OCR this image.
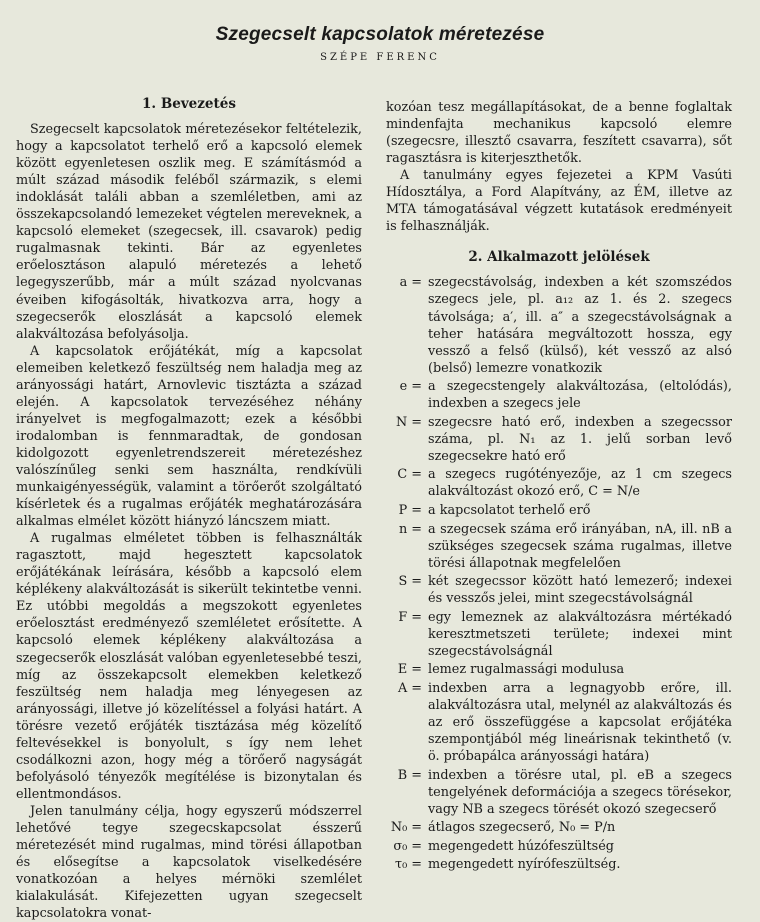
Szegecselt kapcsolatok méretezése
SZÉPE FERENC
1. Bevezetés

Szegecselt kapcsolatok méretezésekor feltételezik, hogy a kapcsolatot terhelő erő a kapcsoló elemek között egyenletesen oszlik meg. E számításmód a múlt század második feléből származik, s elemi indoklását találi abban a szemléletben, ami az összekapcsolandó lemezeket végtelen mereveknek, a kapcsoló elemeket (szegecsek, ill. csavarok) pedig rugalmasnak tekinti. Bár az egyenletes erőelosztáson alapuló méretezés a lehető legegyszerűbb, már a múlt század nyolcvanas éveiben kifogásolták, hivatkozva arra, hogy a szegecserők eloszlását a kapcsoló elemek alakváltozása befolyásolja.

A kapcsolatok erőjátékát, míg a kapcsolat elemeiben keletkező feszültség nem haladja meg az arányossági határt, Arnovlevic tisztázta a század elején. A kapcsolatok tervezéséhez néhány irányelvet is megfogalmazott; ezek a későbbi irodalomban is fennmaradtak, de gondosan kidolgozott egyenletrendszereit méretezéshez valószínűleg senki sem használta, rendkívüli munkaigényességük, valamint a törőerőt szolgáltató kísérletek és a rugalmas erőjáték meghatározására alkalmas elmélet között hiányzó láncszem miatt.

A rugalmas elméletet többen is felhasználták ragasztott, majd hegesztett kapcsolatok erőjátékának leírására, később a kapcsoló elem képlékeny alakváltozását is sikerült tekintetbe venni. Ez utóbbi megoldás a megszokott egyenletes erőelosztást eredményező szemléletet erősítette. A kapcsoló elemek képlékeny alakváltozása a szegecserők eloszlását valóban egyenletesebbé teszi, míg az összekapcsolt elemekben keletkező feszültség nem haladja meg lényegesen az arányossági, illetve jó közelítéssel a folyási határt. A törésre vezető erőjáték tisztázása még közelítő feltevésekkel is bonyolult, s így nem lehet csodálkozni azon, hogy még a törőerő nagyságát befolyásoló tényezők megítélése is bizonytalan és ellentmondásos.

Jelen tanulmány célja, hogy egyszerű módszerrel lehetővé tegye szegecskapcsolat ésszerű méretezését mind rugalmas, mind törési állapotban és elősegítse a kapcsolatok viselkedésére vonatkozóan a helyes mérnöki szemlélet kialakulását. Kifejezetten ugyan szegecselt kapcsolatokra vonat-

kozóan tesz megállapításokat, de a benne foglaltak mindenfajta mechanikus kapcsoló elemre (szegecsre, illesztő csavarra, feszített csavarra), sőt ragasztásra is kiterjeszthetők.

A tanulmány egyes fejezetei a KPM Vasúti Hídosztálya, a Ford Alapítvány, az ÉM, illetve az MTA támogatásával végzett kutatások eredményeit is felhasználják.

2. Alkalmazott jelölések
a = szegecstávolság, indexben a két szomszédos szegecs jele, pl. a₁₂ az 1. és 2. szegecs távolsága; a′, ill. a″ a szegecstávolságnak a teher hatására megváltozott hossza, egy vessző a felső (külső), két vessző az alsó (belső) lemezre vonatkozik
e = a szegecstengely alakváltozása, (eltolódás), indexben a szegecs jele
N = szegecsre ható erő, indexben a szegecssor száma, pl. N₁ az 1. jelű sorban levő szegecsekre ható erő
C = a szegecs rugótényezője, az 1 cm szegecs alakváltozást okozó erő, C = N/e
P = a kapcsolatot terhelő erő
n = a szegecsek száma erő irányában, nA, ill. nB a szükséges szegecsek száma rugalmas, illetve törési állapotnak megfelelően
S = két szegecssor között ható lemezerő; indexei és vesszős jelei, mint szegecstávolságnál
F = egy lemeznek az alakváltozásra mértékadó keresztmetszeti területe; indexei mint szegecstávolságnál
E = lemez rugalmassági modulusa
A = indexben arra a legnagyobb erőre, ill. alakváltozásra utal, melynél az alakváltozás és az erő összefüggése a kapcsolat erőjátéka szempontjából még lineárisnak tekinthető (v. ö. próbapálca arányossági határa)
B = indexben a törésre utal, pl. eB a szegecs tengelyének deformációja a szegecs törésekor, vagy NB a szegecs törését okozó szegecserő
N₀ = átlagos szegecserő, N₀ = P/n
σ₀ = megengedett húzófeszültség
τ₀ = megengedett nyírófeszültség.
